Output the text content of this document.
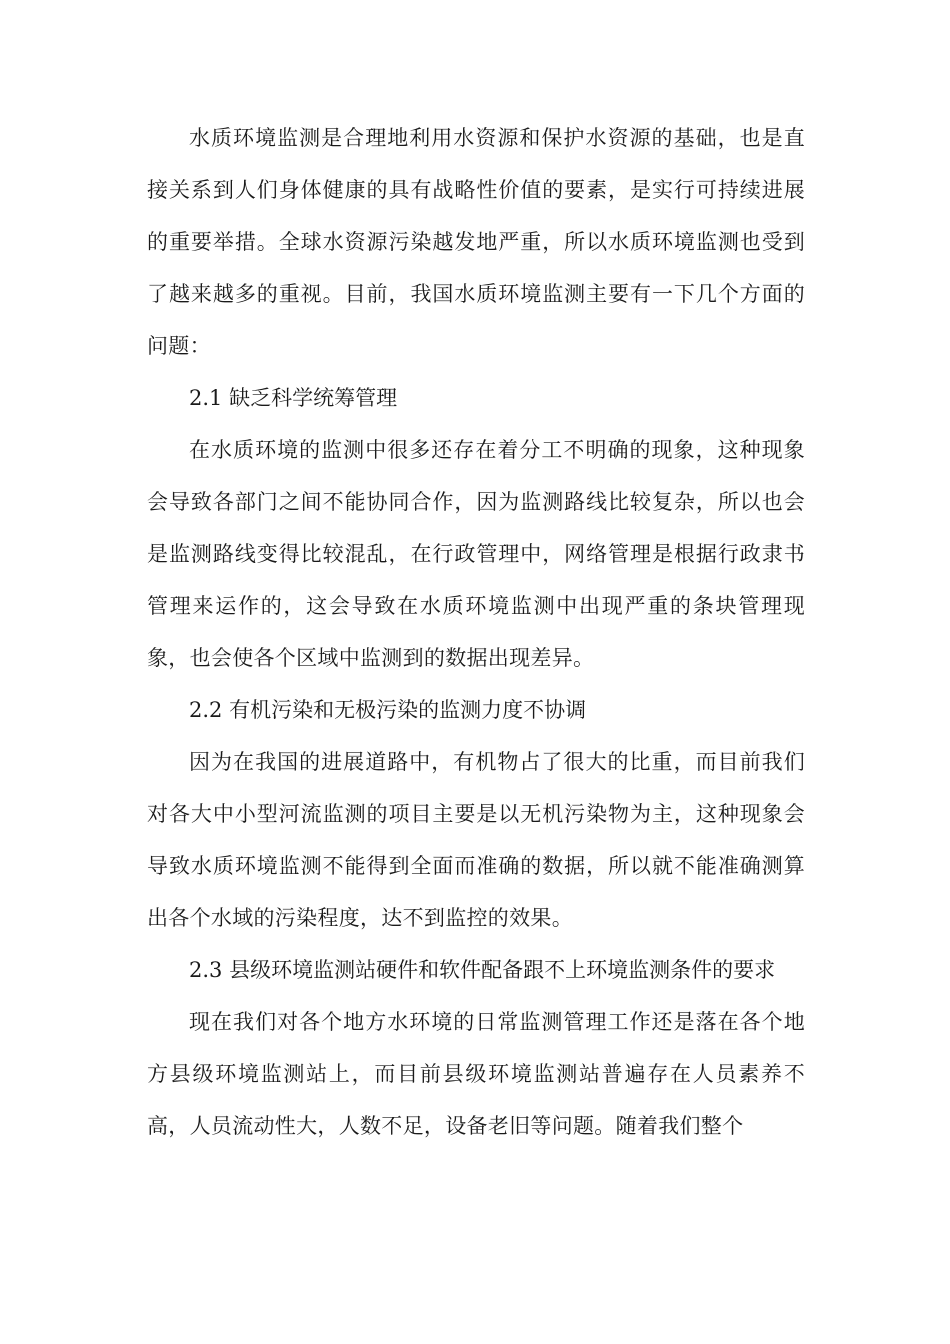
水质环境监测是合理地利用水资源和保护水资源的基础，也是直接关系到人们身体健康的具有战略性价值的要素，是实行可持续进展的重要举措。全球水资源污染越发地严重，所以水质环境监测也受到了越来越多的重视。目前，我国水质环境监测主要有一下几个方面的问题：

2.1 缺乏科学统筹管理

在水质环境的监测中很多还存在着分工不明确的现象，这种现象会导致各部门之间不能协同合作，因为监测路线比较复杂，所以也会是监测路线变得比较混乱，在行政管理中，网络管理是根据行政隶书管理来运作的，这会导致在水质环境监测中出现严重的条块管理现象，也会使各个区域中监测到的数据出现差异。

2.2 有机污染和无极污染的监测力度不协调

因为在我国的进展道路中，有机物占了很大的比重，而目前我们对各大中小型河流监测的项目主要是以无机污染物为主，这种现象会导致水质环境监测不能得到全面而准确的数据，所以就不能准确测算出各个水域的污染程度，达不到监控的效果。

2.3 县级环境监测站硬件和软件配备跟不上环境监测条件的要求

现在我们对各个地方水环境的日常监测管理工作还是落在各个地方县级环境监测站上，而目前县级环境监测站普遍存在人员素养不高，人员流动性大，人数不足，设备老旧等问题。随着我们整个
